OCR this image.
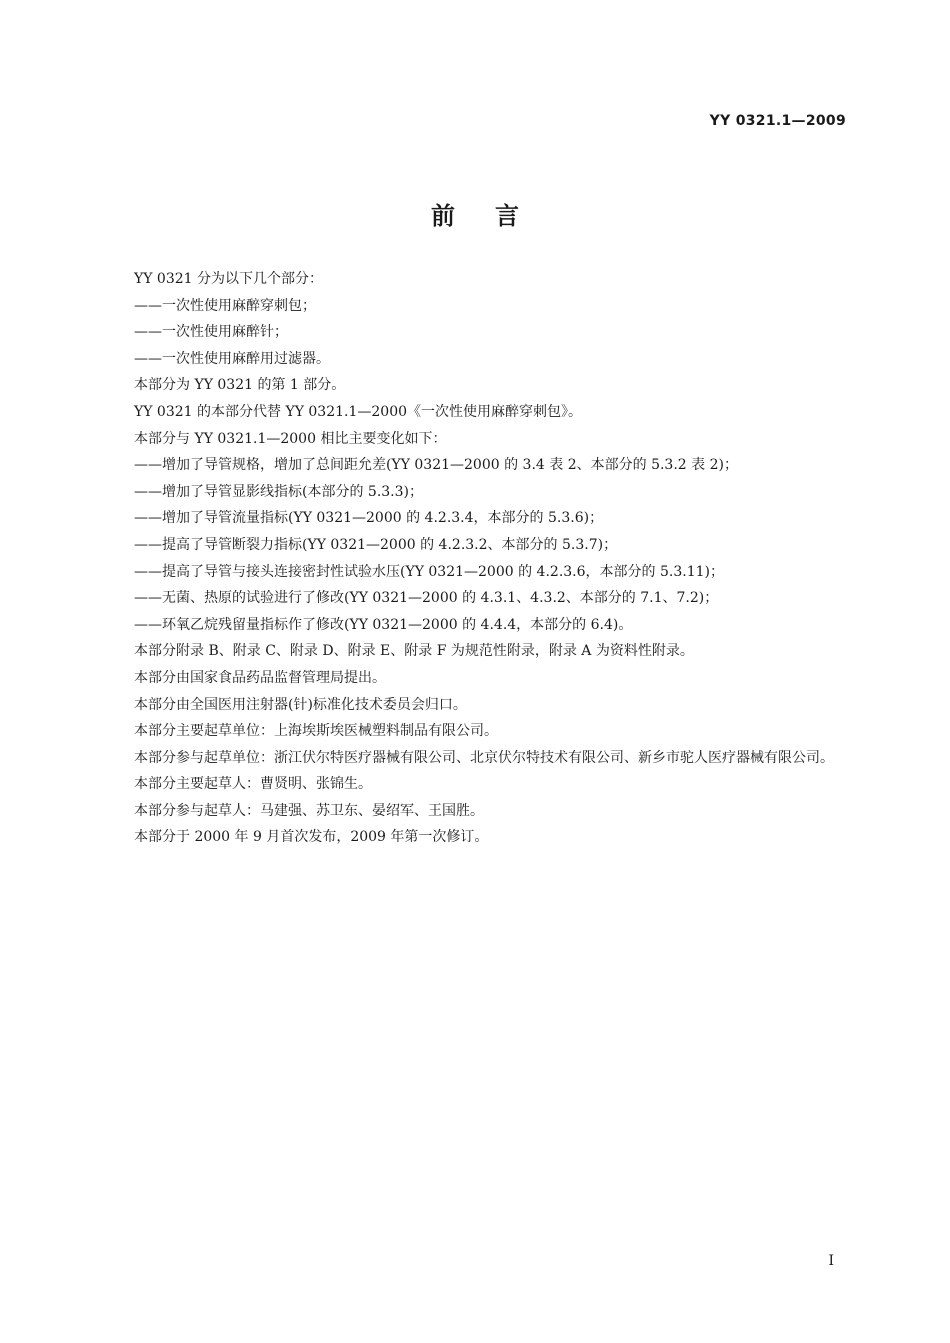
YY 0321.1—2009
前言
YY 0321 分为以下几个部分：
——一次性使用麻醉穿刺包；
——一次性使用麻醉针；
——一次性使用麻醉用过滤器。
本部分为 YY 0321 的第 1 部分。
YY 0321 的本部分代替 YY 0321.1—2000《一次性使用麻醉穿刺包》。
本部分与 YY 0321.1—2000 相比主要变化如下：
——增加了导管规格，增加了总间距允差(YY 0321—2000 的 3.4 表 2、本部分的 5.3.2 表 2)；
——增加了导管显影线指标(本部分的 5.3.3)；
——增加了导管流量指标(YY 0321—2000 的 4.2.3.4，本部分的 5.3.6)；
——提高了导管断裂力指标(YY 0321—2000 的 4.2.3.2、本部分的 5.3.7)；
——提高了导管与接头连接密封性试验水压(YY 0321—2000 的 4.2.3.6，本部分的 5.3.11)；
——无菌、热原的试验进行了修改(YY 0321—2000 的 4.3.1、4.3.2、本部分的 7.1、7.2)；
——环氧乙烷残留量指标作了修改(YY 0321—2000 的 4.4.4，本部分的 6.4)。
本部分附录 B、附录 C、附录 D、附录 E、附录 F 为规范性附录，附录 A 为资料性附录。
本部分由国家食品药品监督管理局提出。
本部分由全国医用注射器(针)标准化技术委员会归口。
本部分主要起草单位：上海埃斯埃医械塑料制品有限公司。
本部分参与起草单位：浙江伏尔特医疗器械有限公司、北京伏尔特技术有限公司、新乡市驼人医疗器械有限公司。
本部分主要起草人：曹贤明、张锦生。
本部分参与起草人：马建强、苏卫东、晏绍军、王国胜。
本部分于 2000 年 9 月首次发布，2009 年第一次修订。
I
